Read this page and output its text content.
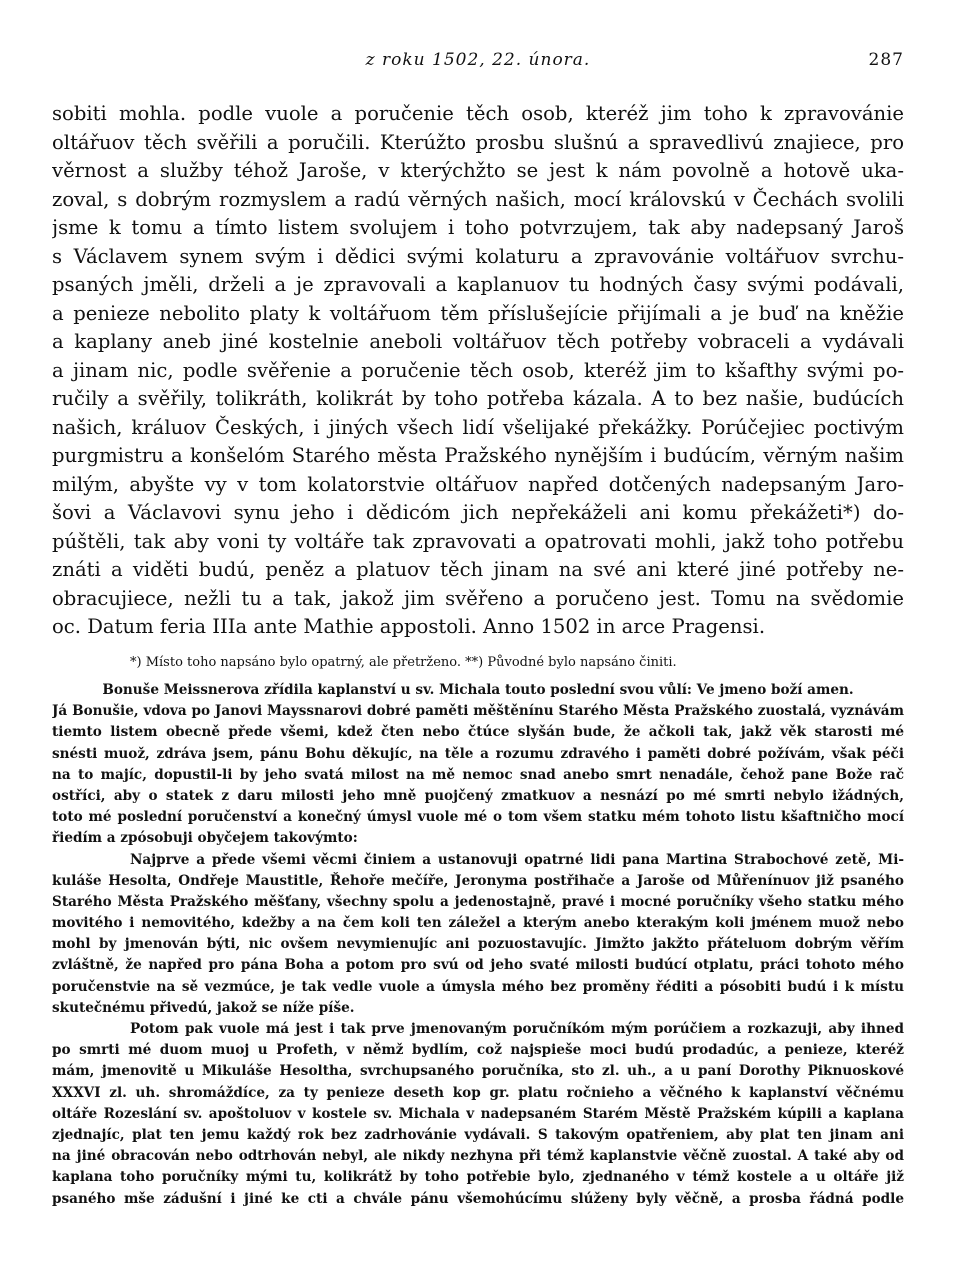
z roku 1502, 22. února.	287
sobiti mohla. podle vuole a poručenie těch osob, kteréž jim toho k zpravovánie
oltářuov těch svěřili a poručili. Kterúžto prosbu slušnú a spravedlivú znajiece, pro
věrnost a služby téhož Jaroše, v kterýchžto se jest k nám povolně a hotově uka-
zoval, s dobrým rozmyslem a radú věrných našich, mocí královskú v Čechách svolili
jsme k tomu a tímto listem svolujem i toho potvrzujem, tak aby nadepsaný Jaroš
s Václavem synem svým i dědici svými kolaturu a zpravovánie voltářuov svrchu-
psaných jměli, drželi a je zpravovali a kaplanuov tu hodných časy svými podávali,
a penieze nebolito platy k voltářuom těm příslušejície přijímali a je buď na kněžie
a kaplany aneb jiné kostelnie aneboli voltářuov těch potřeby vobraceli a vydávali
a jinam nic, podle svěřenie a poručenie těch osob, kteréž jim to kšafthy svými po-
ručily a svěřily, tolikráth, kolikrát by toho potřeba kázala. A to bez našie, budúcích
našich, králuov Českých, i jiných všech lidí všelijaké překážky. Porúčejiec poctivým
purgmistru a konšelóm Starého města Pražského nynějším i budúcím, věrným našim
milým, abyšte vy v tom kolatorstvie oltářuov napřed dotčených nadepsaným Jaro-
šovi a Václavovi synu jeho i dědicóm jich nepřekáželi ani komu překážeti*) do-
púštěli, tak aby voni ty voltáře tak zpravovati a opatrovati mohli, jakž toho potřebu
znáti a viděti budú, peněz a platuov těch jinam na své ani které jiné potřeby ne-
obracujiece, nežli tu a tak, jakož jim svěřeno a poručeno jest. Tomu na svědomie
oc. Datum feria IIIa ante Mathie appostoli. Anno 1502 in arce Pragensi.
*) Místo toho napsáno bylo opatrný, ale přetrženo. **) Původné bylo napsáno činiti.
Bonuše Meissnerova zřídila kaplanství u sv. Michala touto poslední svou vůlí: Ve jmeno boží amen.
Já Bonušie, vdova po Janovi Mayssnarovi dobré paměti měštěnínu Starého Města Pražského zuostalá, vyznávám
tiemto listem obecně přede všemi, kdež čten nebo čtúce slyšán bude, že ačkoli tak, jakž věk starosti mé
snésti muož, zdráva jsem, pánu Bohu děkujíc, na těle a rozumu zdravého i paměti dobré požívám, však péči
na to majíc, dopustil-li by jeho svatá milost na mě nemoc snad anebo smrt nenadále, čehož pane Bože rač
ostříci, aby o statek z daru milosti jeho mně puojčený zmatkuov a nesnází po mé smrti nebylo ižádných,
toto mé poslední poručenství a konečný úmysl vuole mé o tom všem statku mém tohoto listu kšaftničho mocí
řiedím a zpósobuji obyčejem takovýmto:
Najprve a přede všemi věcmi činiem a ustanovuji opatrné lidi pana Martina Strabochové zetě, Mi-
kuláše Hesolta, Ondřeje Maustitle, Řehoře mečíře, Jeronyma postřihače a Jaroše od Můřenínuov již psaného
Starého Města Pražského měšťany, všechny spolu a jedenostajně, pravé i mocné poručníky všeho statku mého
movitého i nemovitého, kdežby a na čem koli ten záležel a kterým anebo kterakým koli jménem muož nebo
mohl by jmenován býti, nic ovšem nevymienujíc ani pozuostavujíc. Jimžto jakžto přáteluom dobrým věřím
zvláštně, že napřed pro pána Boha a potom pro svú od jeho svaté milosti budúcí otplatu, práci tohoto mého
poručenstvie na sě vezmúce, je tak vedle vuole a úmysla mého bez proměny řéditi a pósobiti budú i k místu
skutečnému přivedú, jakož se níže píše.
Potom pak vuole má jest i tak prve jmenovaným poručníkóm mým porúčiem a rozkazuji, aby ihned
po smrti mé duom muoj u Profeth, v němž bydlím, což najspieše moci budú prodadúc, a penieze, kteréž
mám, jmenovitě u Mikuláše Hesoltha, svrchupsaného poručníka, sto zl. uh., a u paní Dorothy Piknuoskové
XXXVI zl. uh. shromáždíce, za ty penieze deseth kop gr. platu ročnieho a věčného k kaplanství věčnému
oltáře Rozeslání sv. apoštoluov v kostele sv. Michala v nadepsaném Starém Městě Pražském kúpili a kaplana
zjednajíc, plat ten jemu každý rok bez zadrhovánie vydávali. S takovým opatřeniem, aby plat ten jinam ani
na jiné obracován nebo odtrhován nebyl, ale nikdy nezhyna při témž kaplanstvie věčně zuostal. A také aby od
kaplana toho poručníky mými tu, kolikrátž by toho potřebie bylo, zjednaného v témž kostele a u oltáře již
psaného mše zádušní i jiné ke cti a chvále pánu všemohúcímu slúženy byly věčně, a prosba řádná podle
